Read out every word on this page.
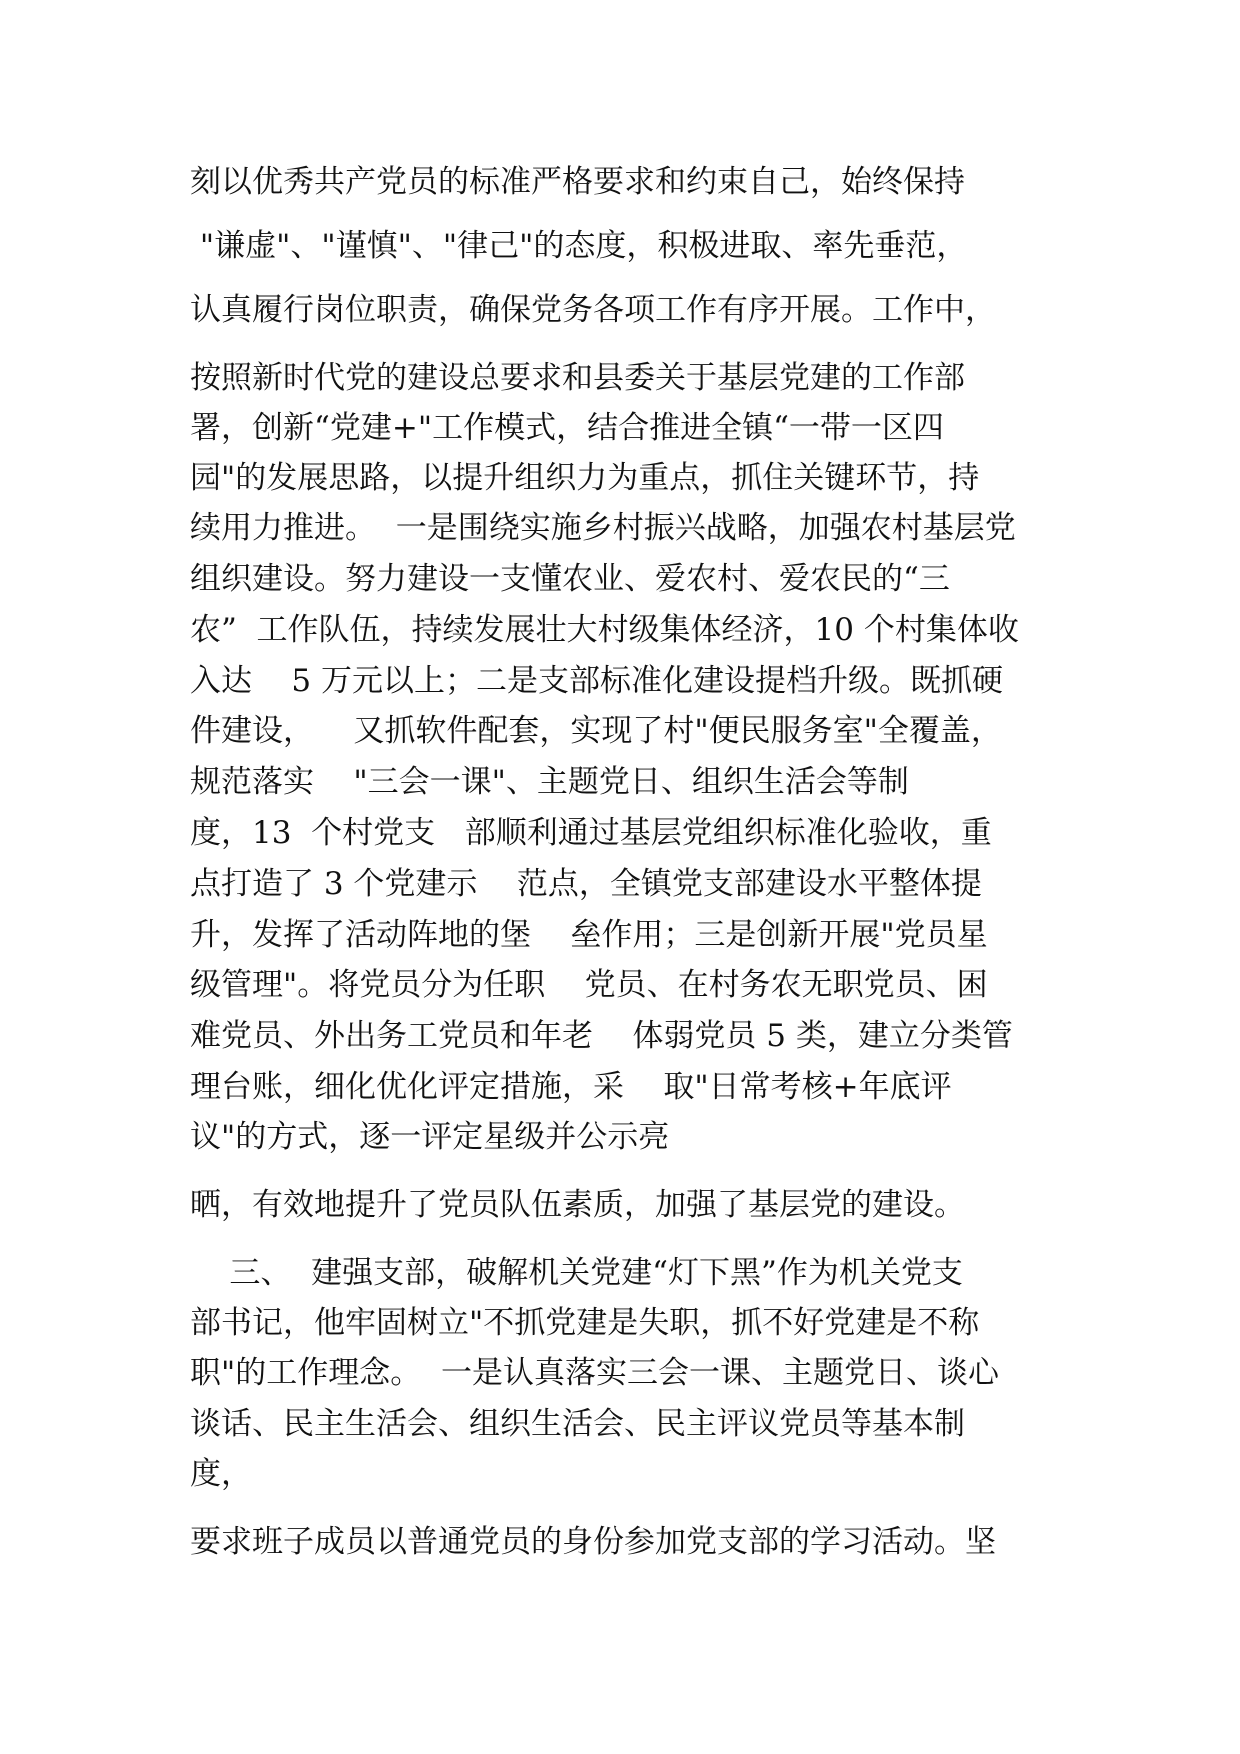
刻以优秀共产党员的标准严格要求和约束自己，始终保持
"谦虚"、"谨慎"、"律己"的态度，积极进取、率先垂范，
认真履行岗位职责，确保党务各项工作有序开展。工作中，
按照新时代党的建设总要求和县委关于基层党建的工作部
署，创新“党建+"工作模式，结合推进全镇“一带一区四
园"的发展思路，以提升组织力为重点，抓住关键环节，持
续用力推进。  一是围绕实施乡村振兴战略，加强农村基层党
组织建设。努力建设一支懂农业、爱农村、爱农民的“三
农”  工作队伍，持续发展壮大村级集体经济，10 个村集体收
入达    5 万元以上；二是支部标准化建设提档升级。既抓硬
件建设，    又抓软件配套，实现了村"便民服务室"全覆盖，
规范落实    "三会一课"、主题党日、组织生活会等制
度，13  个村党支   部顺利通过基层党组织标准化验收，重
点打造了 3 个党建示    范点，全镇党支部建设水平整体提
升，发挥了活动阵地的堡    垒作用；三是创新开展"党员星
级管理"。将党员分为任职    党员、在村务农无职党员、困
难党员、外出务工党员和年老    体弱党员 5 类，建立分类管
理台账，细化优化评定措施，采    取"日常考核+年底评
议"的方式，逐一评定星级并公示亮
晒，有效地提升了党员队伍素质，加强了基层党的建设。
三、  建强支部，破解机关党建“灯下黑”作为机关党支
部书记，他牢固树立"不抓党建是失职，抓不好党建是不称
职"的工作理念。  一是认真落实三会一课、主题党日、谈心
谈话、民主生活会、组织生活会、民主评议党员等基本制
度，
要求班子成员以普通党员的身份参加党支部的学习活动。坚
